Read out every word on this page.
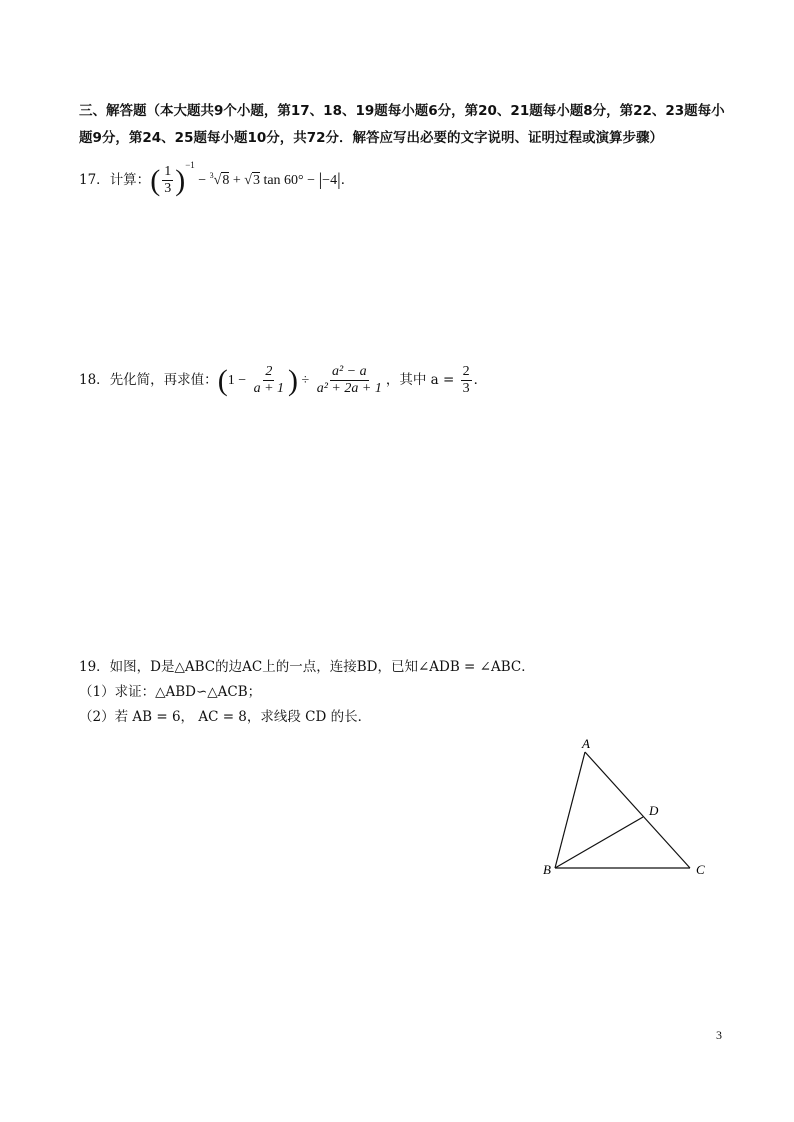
三、解答题（本大题共9个小题，第17、18、19题每小题6分，第20、21题每小题8分，第22、23题每小题9分，第24、25题每小题10分，共72分．解答应写出必要的文字说明、证明过程或演算步骤）
17．计算：( $\frac{1}{3} )^{-1} - ^3√8 + √3$ tan 60° − |−4|．
18．先化简，再求值：($1 - \frac{2}{a + 1}$ ) ÷ $\frac{\text{a² − a}}{\text{a² + 2a + 1}}$ ，其中 $a = \frac{2}{3}$ ．
19．如图，D是△ABC的边AC上的一点，连接BD，已知∠ADB = ∠ABC．
（1）求证：△ABD∽△ACB；
（2）若 AB = 6， AC = 8，求线段 CD 的长．
A
B	C
D
3
